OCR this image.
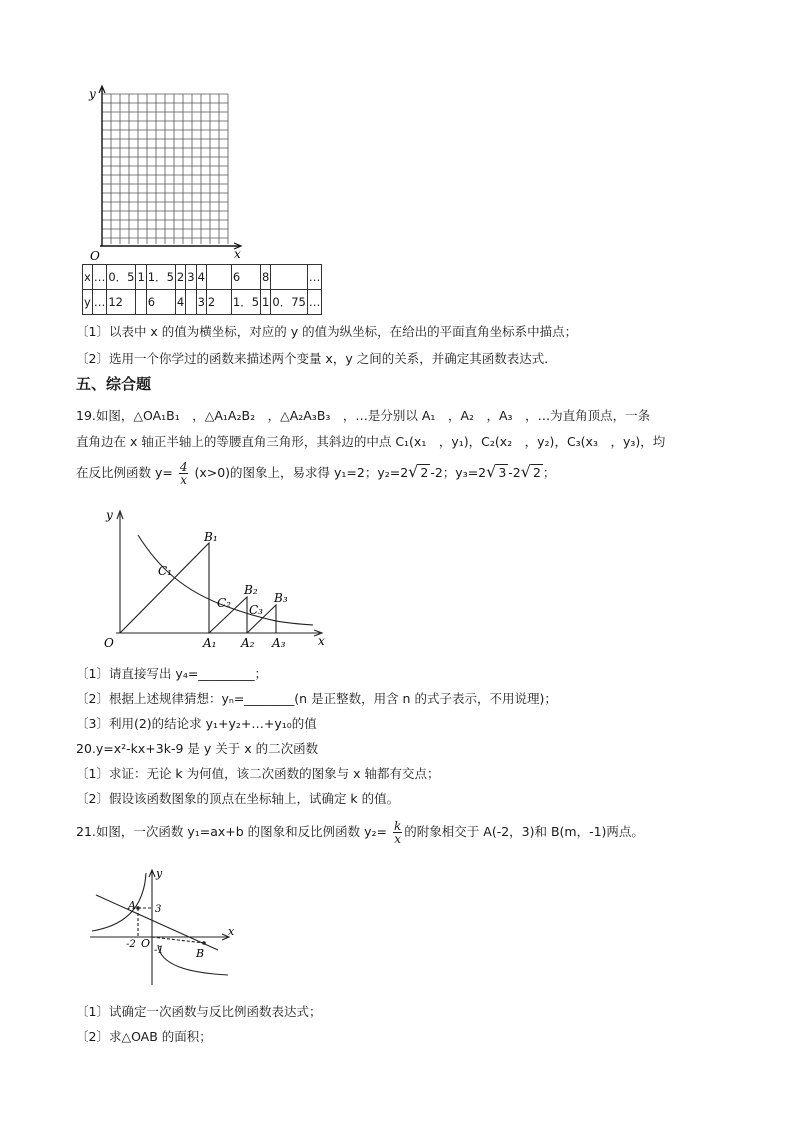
y
x
O
x	…	0．5	1	1．5	2	3	4		6	8		…
y	…	12		6	4		3	2	1．5	1	0．75	…
〔1〕以表中 x 的值为横坐标，对应的 y 的值为纵坐标，在给出的平面直角坐标系中描点；
〔2〕选用一个你学过的函数来描述两个变量 x，y 之间的关系，并确定其函数表达式．
五、综合题
19.如图，△OA₁B₁　，△A₁A₂B₂　，△A₂A₃B₃　，…是分别以 A₁　，A₂　，A₃　，…为直角顶点，一条
直角边在 x 轴正半轴上的等腰直角三角形，其斜边的中点 C₁(x₁　，y₁)，C₂(x₂　，y₂)，C₃(x₃　，y₃)，均
在反比例函数 $y= \frac{4}{x} (x>0)$的图象上，易求得 y₁=2；y₂=2√ 2 -2；y₃=2√ 3 -2√ 2 ；
y
x
O
B₁
B₂
B₃
C₁
C₂ C₃
A₁ A₂ A₃
〔1〕请直接写出 y₄=_________；
〔2〕根据上述规律猜想：yₙ=________(n 是正整数，用含 n 的式子表示，不用说理)；
〔3〕利用(2)的结论求 y₁+y₂+…+y₁₀的值
20.y=x²-kx+3k-9 是 y 关于 x 的二次函数
〔1〕求证：无论 k 为何值，该二次函数的图象与 x 轴都有交点；
〔2〕假设该函数图象的顶点在坐标轴上，试确定 k 的值。
21.如图，一次函数 y₁=ax+b 的图象和反比例函数 $y_2= \frac{k}{x}$ 的附象相交于 A(-2，3)和 B(m，-1)两点。
y
x
A
B
O
3
-2
-1
〔1〕试确定一次函数与反比例函数表达式；
〔2〕求△OAB 的面积；
